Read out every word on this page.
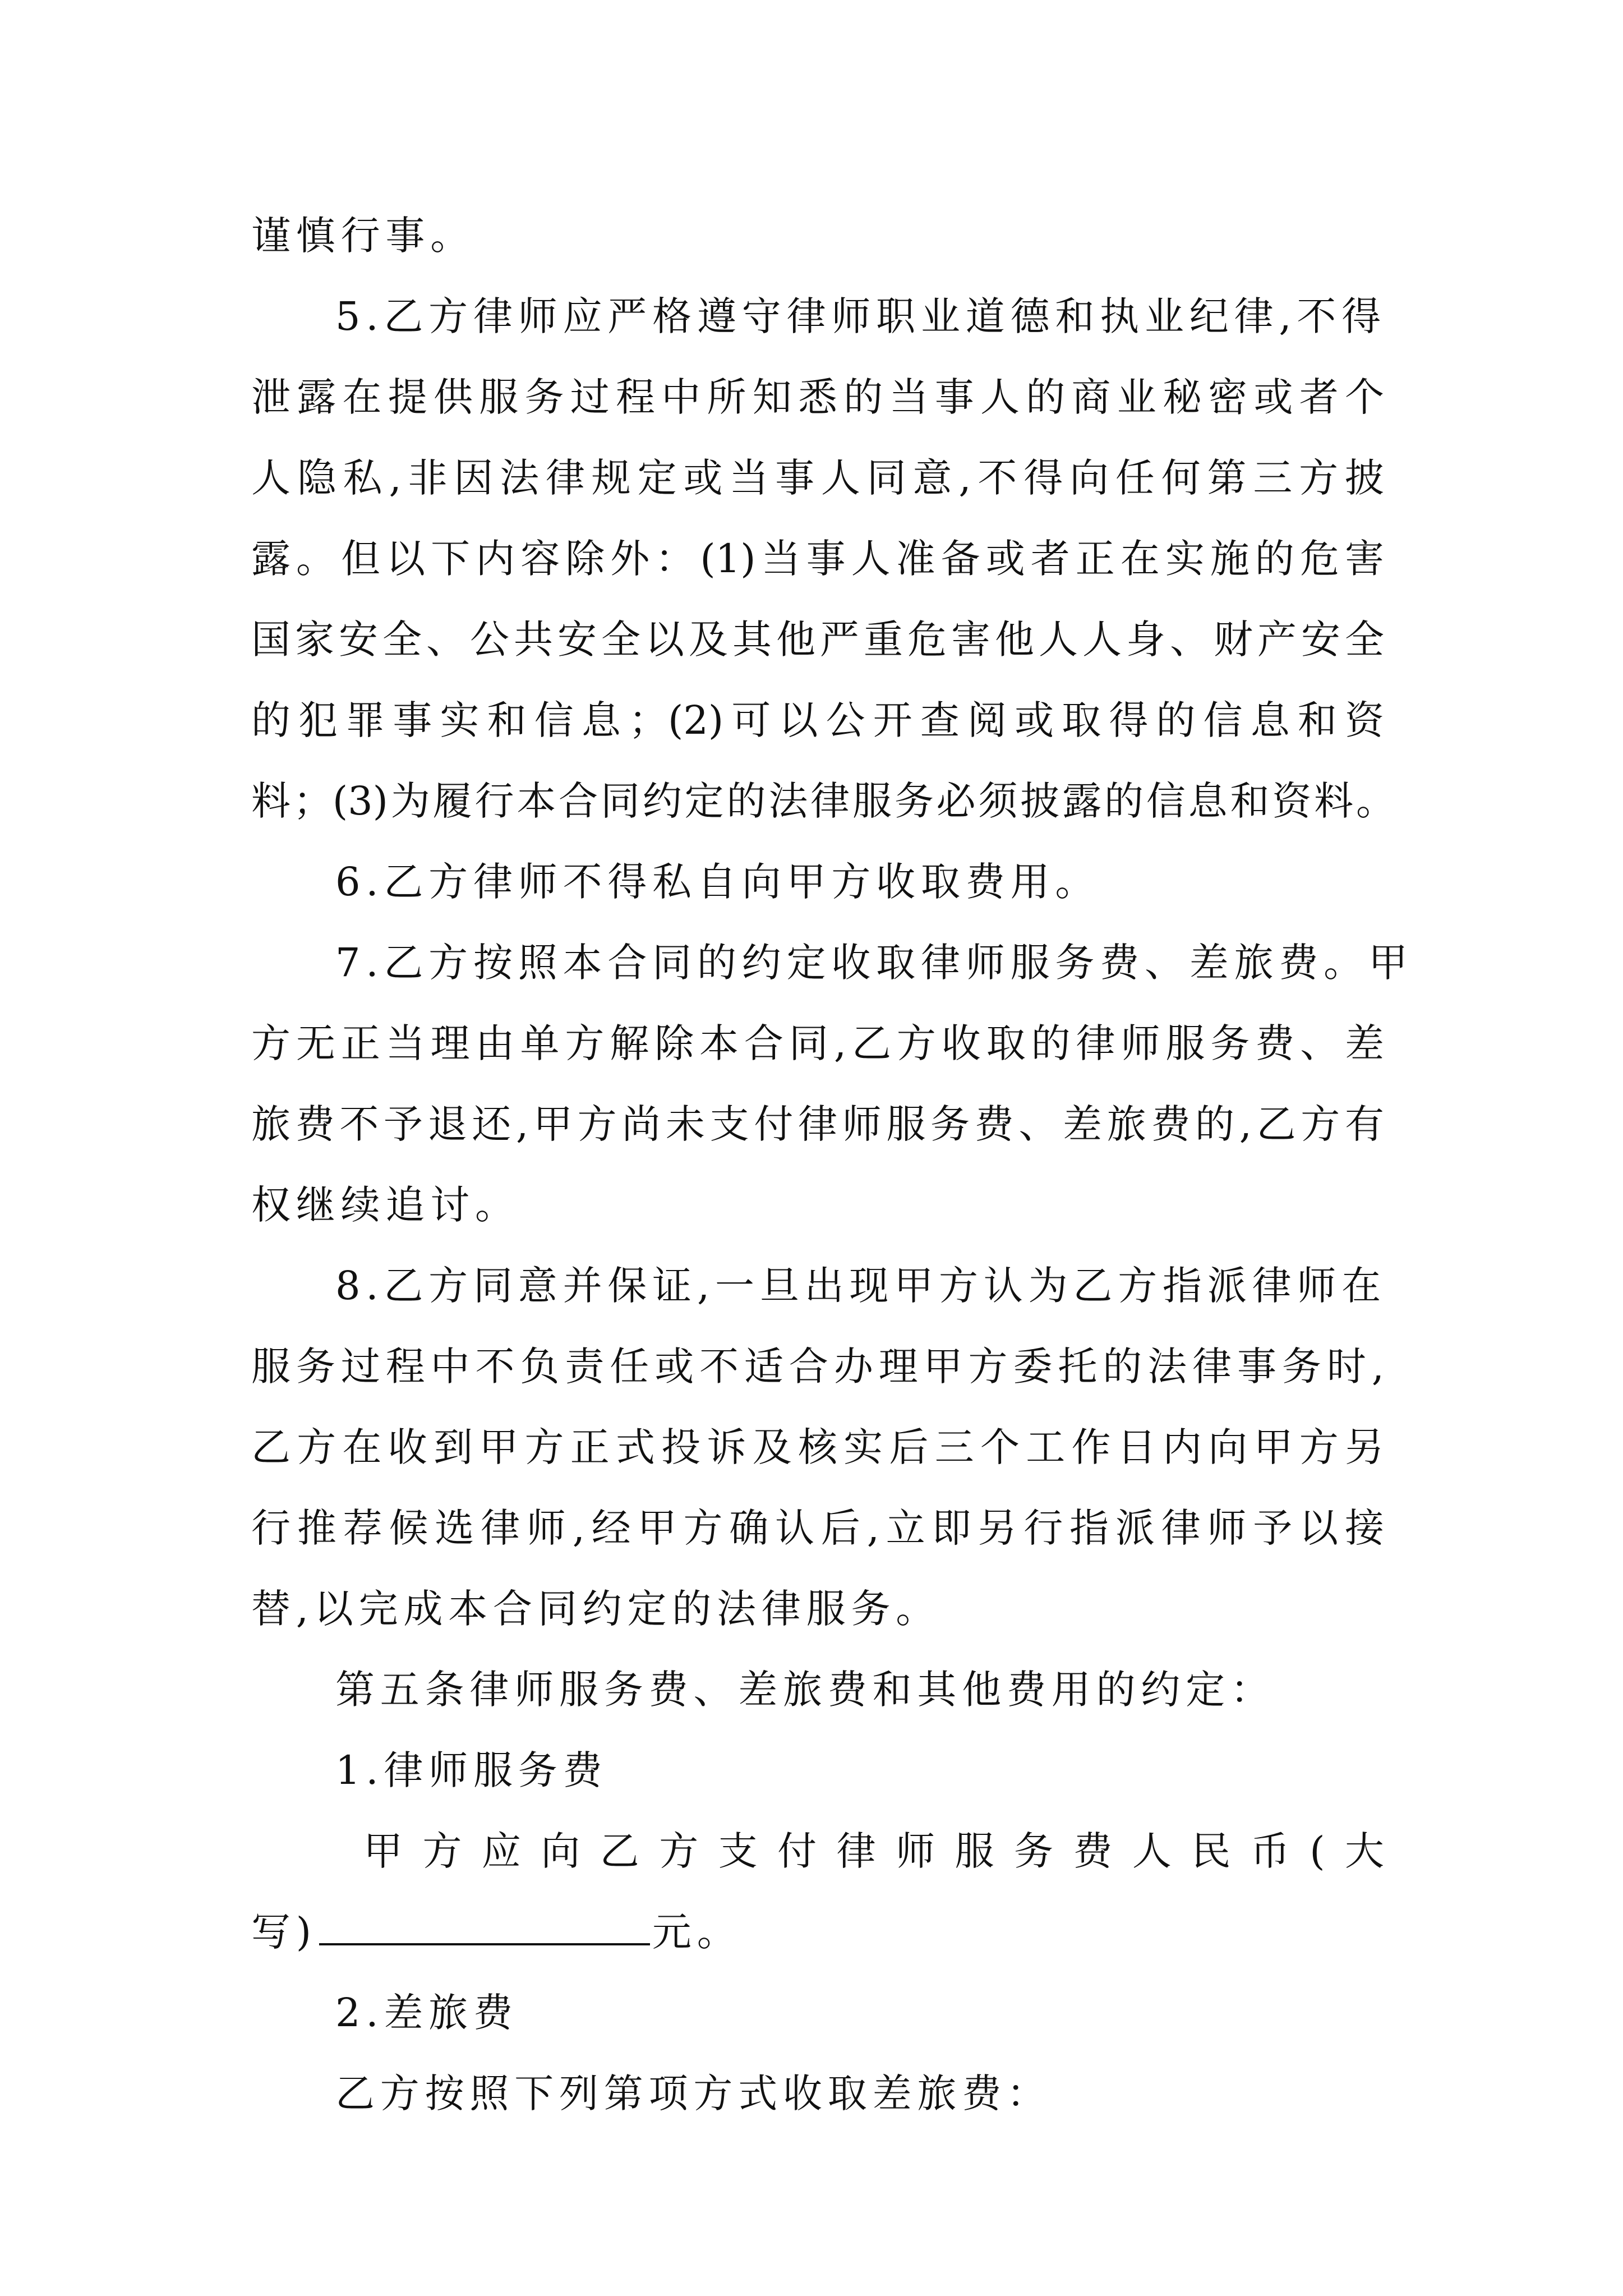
谨慎行事。
5.乙方律师应严格遵守律师职业道德和执业纪律,不得
泄露在提供服务过程中所知悉的当事人的商业秘密或者个
人隐私,非因法律规定或当事人同意,不得向任何第三方披
露。但以下内容除外：(1)当事人准备或者正在实施的危害
国家安全、公共安全以及其他严重危害他人人身、财产安全
的犯罪事实和信息；(2)可以公开查阅或取得的信息和资
料；(3)为履行本合同约定的法律服务必须披露的信息和资料。
6.乙方律师不得私自向甲方收取费用。
7.乙方按照本合同的约定收取律师服务费、差旅费。甲
方无正当理由单方解除本合同,乙方收取的律师服务费、差
旅费不予退还,甲方尚未支付律师服务费、差旅费的,乙方有
权继续追讨。
8.乙方同意并保证,一旦出现甲方认为乙方指派律师在
服务过程中不负责任或不适合办理甲方委托的法律事务时,
乙方在收到甲方正式投诉及核实后三个工作日内向甲方另
行推荐候选律师,经甲方确认后,立即另行指派律师予以接
替,以完成本合同约定的法律服务。
第五条律师服务费、差旅费和其他费用的约定：
1.律师服务费
甲方应向乙方支付律师服务费人民币(大
写)	元。
2.差旅费
乙方按照下列第项方式收取差旅费：
